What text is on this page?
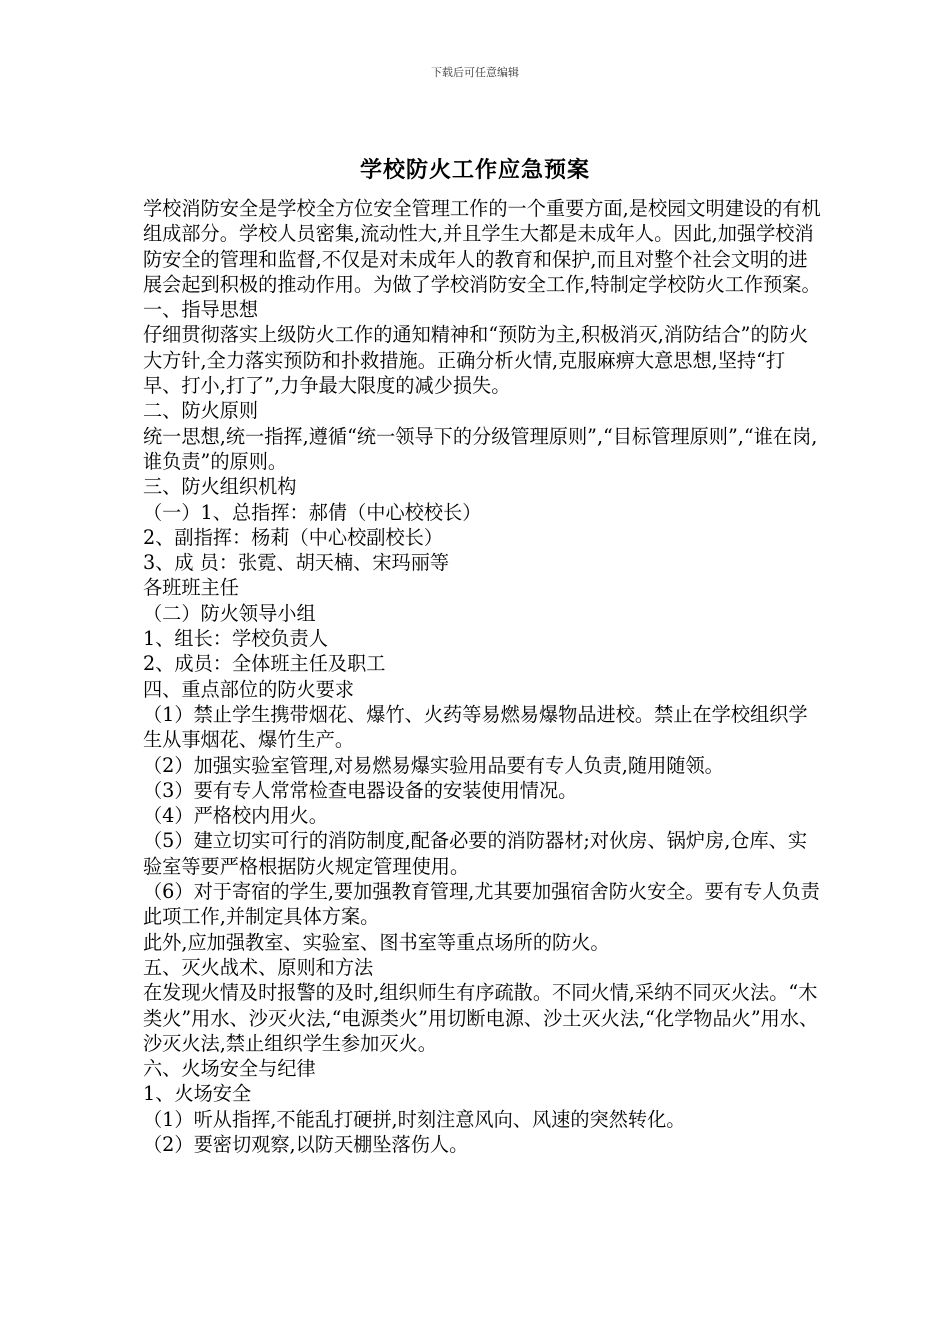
下载后可任意编辑
学校防火工作应急预案

学校消防安全是学校全方位安全管理工作的一个重要方面,是校园文明建设的有机组成部分。学校人员密集,流动性大,并且学生大都是未成年人。因此,加强学校消防安全的管理和监督,不仅是对未成年人的教育和保护,而且对整个社会文明的进展会起到积极的推动作用。为做了学校消防安全工作,特制定学校防火工作预案。

一、指导思想

仔细贯彻落实上级防火工作的通知精神和“预防为主,积极消灭,消防结合”的防火大方针,全力落实预防和扑救措施。正确分析火情,克服麻痹大意思想,坚持“打早、打小,打了”,力争最大限度的减少损失。

二、防火原则

统一思想,统一指挥,遵循“统一领导下的分级管理原则”,“目标管理原则”,“谁在岗,谁负责”的原则。

三、防火组织机构

（一）1、总指挥：郝倩（中心校校长）

2、副指挥：杨莉（中心校副校长）

3、成 员：张霓、胡天楠、宋玛丽等

各班班主任

（二）防火领导小组

1、组长：学校负责人

2、成员：全体班主任及职工

四、重点部位的防火要求

（1）禁止学生携带烟花、爆竹、火药等易燃易爆物品进校。禁止在学校组织学生从事烟花、爆竹生产。

（2）加强实验室管理,对易燃易爆实验用品要有专人负责,随用随领。

（3）要有专人常常检查电器设备的安装使用情况。

（4）严格校内用火。

（5）建立切实可行的消防制度,配备必要的消防器材;对伙房、锅炉房,仓库、实验室等要严格根据防火规定管理使用。

（6）对于寄宿的学生,要加强教育管理,尤其要加强宿舍防火安全。要有专人负责此项工作,并制定具体方案。

此外,应加强教室、实验室、图书室等重点场所的防火。

五、灭火战术、原则和方法

在发现火情及时报警的及时,组织师生有序疏散。不同火情,采纳不同灭火法。“木类火”用水、沙灭火法,“电源类火”用切断电源、沙土灭火法,“化学物品火”用水、沙灭火法,禁止组织学生参加灭火。

六、火场安全与纪律

1、火场安全

（1）听从指挥,不能乱打硬拼,时刻注意风向、风速的突然转化。

（2）要密切观察,以防天棚坠落伤人。
